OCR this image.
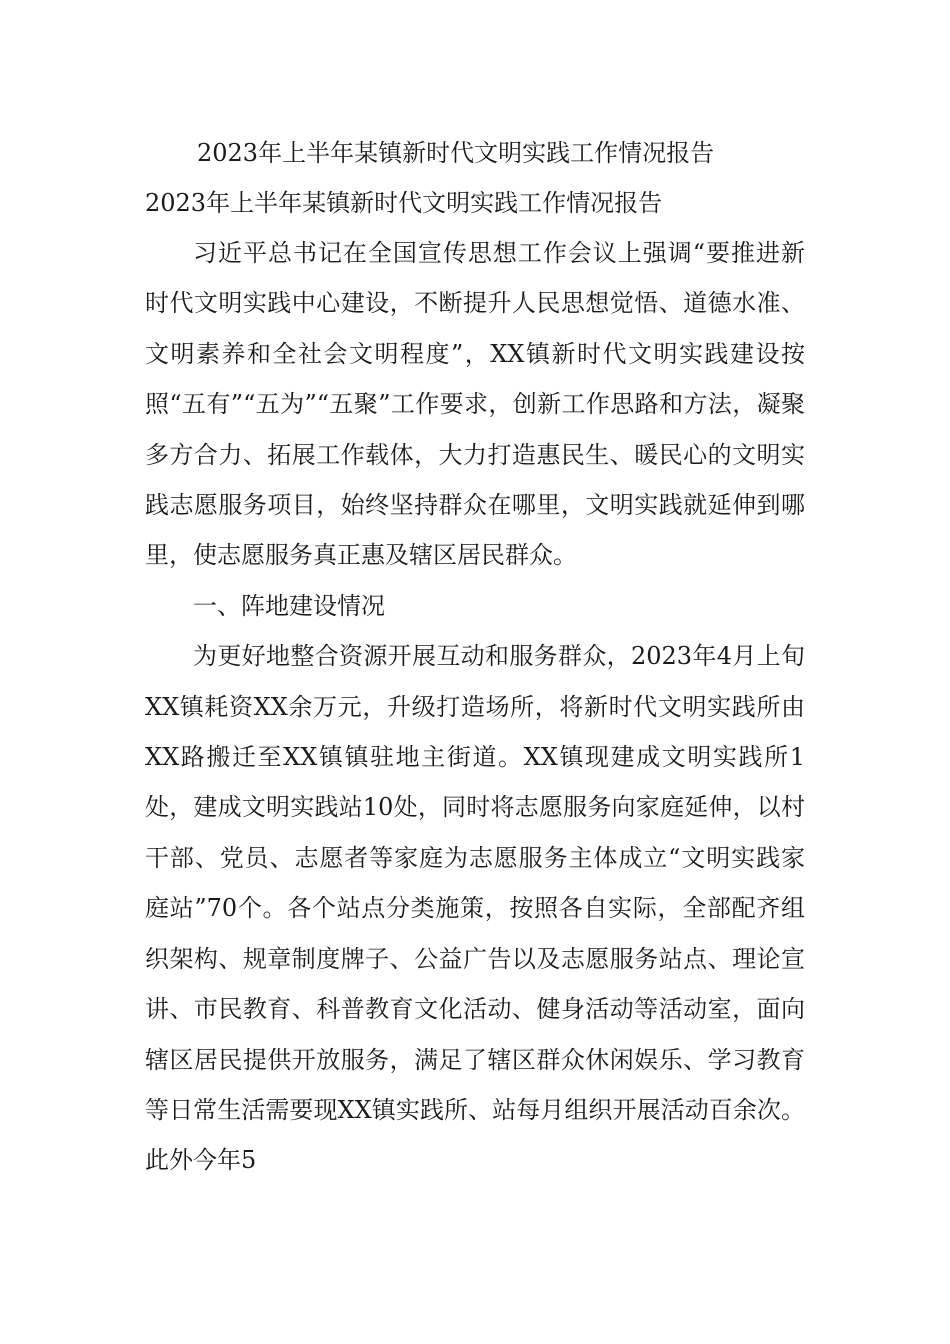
2023年上半年某镇新时代文明实践工作情况报告
2023年上半年某镇新时代文明实践工作情况报告

习近平总书记在全国宣传思想工作会议上强调“要推进新时代文明实践中心建设，不断提升人民思想觉悟、道德水准、文明素养和全社会文明程度”，XX镇新时代文明实践建设按照“五有”“五为”“五聚”工作要求，创新工作思路和方法，凝聚多方合力、拓展工作载体，大力打造惠民生、暖民心的文明实践志愿服务项目，始终坚持群众在哪里，文明实践就延伸到哪里，使志愿服务真正惠及辖区居民群众。

一、阵地建设情况

为更好地整合资源开展互动和服务群众，2023年4月上旬XX镇耗资XX余万元，升级打造场所，将新时代文明实践所由XX路搬迁至XX镇镇驻地主街道。XX镇现建成文明实践所1处，建成文明实践站10处，同时将志愿服务向家庭延伸，以村干部、党员、志愿者等家庭为志愿服务主体成立“文明实践家庭站”70个。各个站点分类施策，按照各自实际，全部配齐组织架构、规章制度牌子、公益广告以及志愿服务站点、理论宣讲、市民教育、科普教育文化活动、健身活动等活动室，面向辖区居民提供开放服务，满足了辖区群众休闲娱乐、学习教育等日常生活需要现XX镇实践所、站每月组织开展活动百余次。此外今年5
